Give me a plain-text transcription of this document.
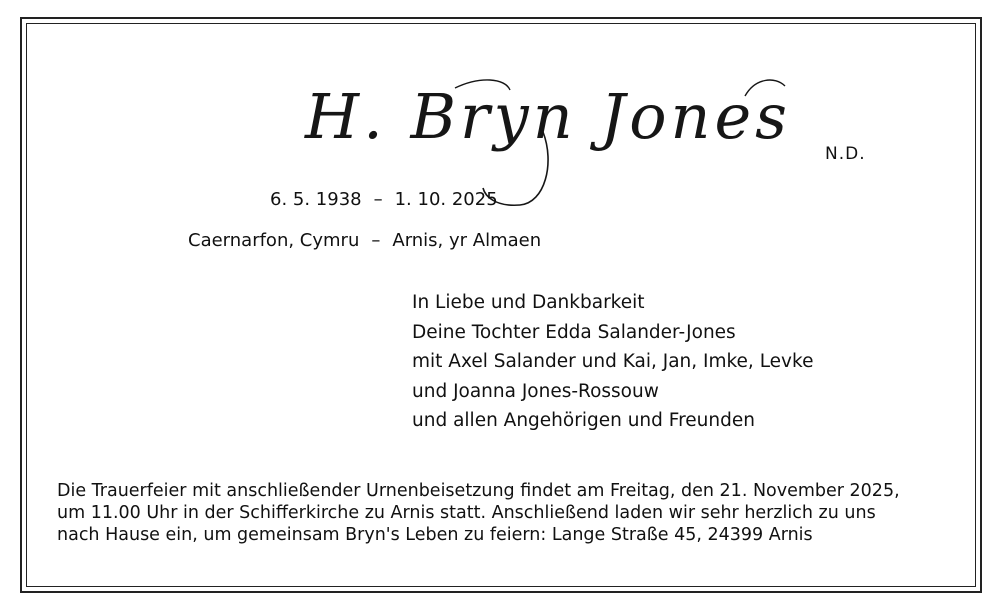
H. Bryn Jones
N.D.
6. 5. 1938 – 1. 10. 2025
Caernarfon, Cymru – Arnis, yr Almaen
In Liebe und Dankbarkeit
Deine Tochter Edda Salander-Jones
mit Axel Salander und Kai, Jan, Imke, Levke
und Joanna Jones-Rossouw
und allen Angehörigen und Freunden
Die Trauerfeier mit anschließender Urnenbeisetzung findet am Freitag, den 21. November 2025,
um 11.00 Uhr in der Schifferkirche zu Arnis statt. Anschließend laden wir sehr herzlich zu uns
nach Hause ein, um gemeinsam Bryn's Leben zu feiern: Lange Straße 45, 24399 Arnis
